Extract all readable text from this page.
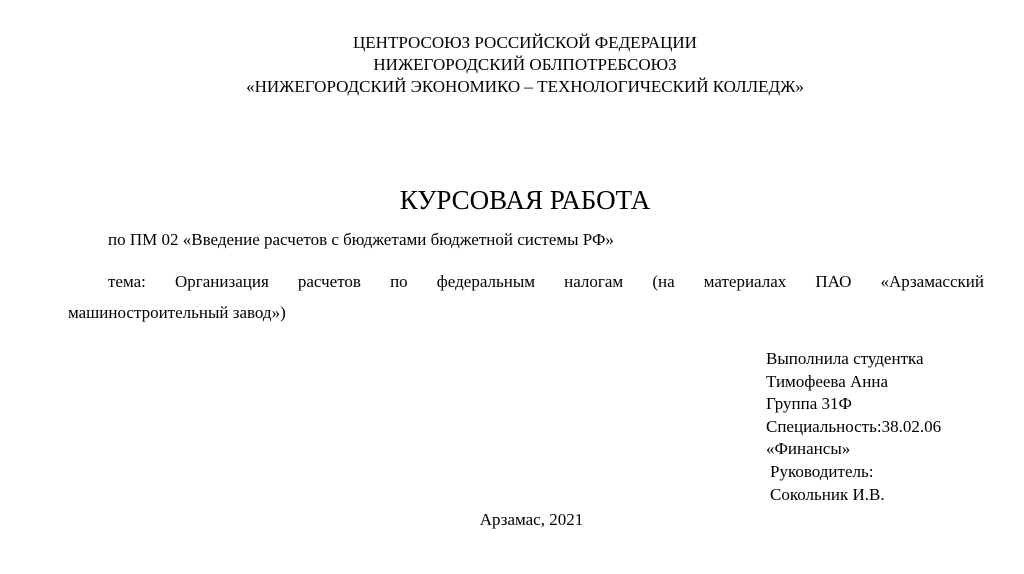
ЦЕНТРОСОЮЗ РОССИЙСКОЙ ФЕДЕРАЦИИ
НИЖЕГОРОДСКИЙ ОБЛПОТРЕБСОЮЗ
«НИЖЕГОРОДСКИЙ ЭКОНОМИКО – ТЕХНОЛОГИЧЕСКИЙ КОЛЛЕДЖ»
КУРСОВАЯ РАБОТА
по ПМ 02 «Введение расчетов с бюджетами бюджетной системы РФ»
тема: Организация расчетов по федеральным налогам (на материалах ПАО «Арзамасский
машиностроительный завод»)
Выполнила студентка
Тимофеева Анна
Группа 31Ф
Специальность:38.02.06
«Финансы»
Руководитель:
Сокольник И.В.
Арзамас, 2021
